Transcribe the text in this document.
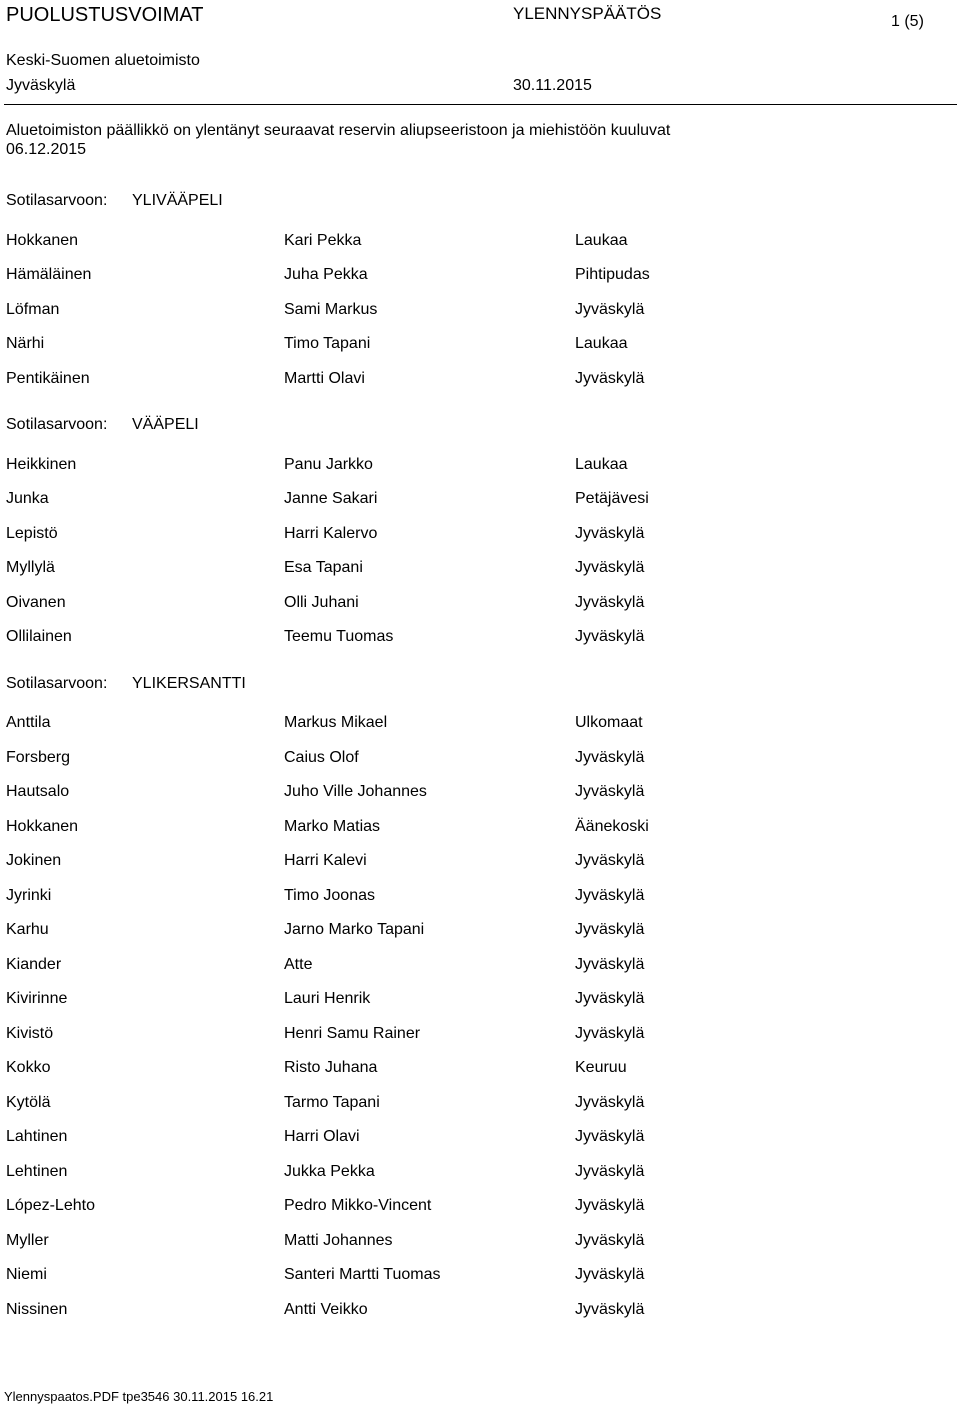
PUOLUSTUSVOIMAT	YLENNYSPÄÄTÖS	1 (5)
Keski-Suomen aluetoimisto
Jyväskylä	30.11.2015
Aluetoimiston päällikkö on ylentänyt seuraavat reservin aliupseeristoon ja miehistöön kuuluvat 06.12.2015
Sotilasarvoon: YLIVÄÄPELI
Hokkanen	Kari Pekka	Laukaa
Hämäläinen	Juha Pekka	Pihtipudas
Löfman	Sami Markus	Jyväskylä
Närhi	Timo Tapani	Laukaa
Pentikäinen	Martti Olavi	Jyväskylä
Sotilasarvoon: VÄÄPELI
Heikkinen	Panu Jarkko	Laukaa
Junka	Janne Sakari	Petäjävesi
Lepistö	Harri Kalervo	Jyväskylä
Myllylä	Esa Tapani	Jyväskylä
Oivanen	Olli Juhani	Jyväskylä
Ollilainen	Teemu Tuomas	Jyväskylä
Sotilasarvoon: YLIKERSANTTI
Anttila	Markus Mikael	Ulkomaat
Forsberg	Caius Olof	Jyväskylä
Hautsalo	Juho Ville Johannes	Jyväskylä
Hokkanen	Marko Matias	Äänekoski
Jokinen	Harri Kalevi	Jyväskylä
Jyrinki	Timo Joonas	Jyväskylä
Karhu	Jarno Marko Tapani	Jyväskylä
Kiander	Atte	Jyväskylä
Kivirinne	Lauri Henrik	Jyväskylä
Kivistö	Henri Samu Rainer	Jyväskylä
Kokko	Risto Juhana	Keuruu
Kytölä	Tarmo Tapani	Jyväskylä
Lahtinen	Harri Olavi	Jyväskylä
Lehtinen	Jukka Pekka	Jyväskylä
López-Lehto	Pedro Mikko-Vincent	Jyväskylä
Myller	Matti Johannes	Jyväskylä
Niemi	Santeri Martti Tuomas	Jyväskylä
Nissinen	Antti Veikko	Jyväskylä
Ylennyspaatos.PDF tpe3546 30.11.2015 16.21
